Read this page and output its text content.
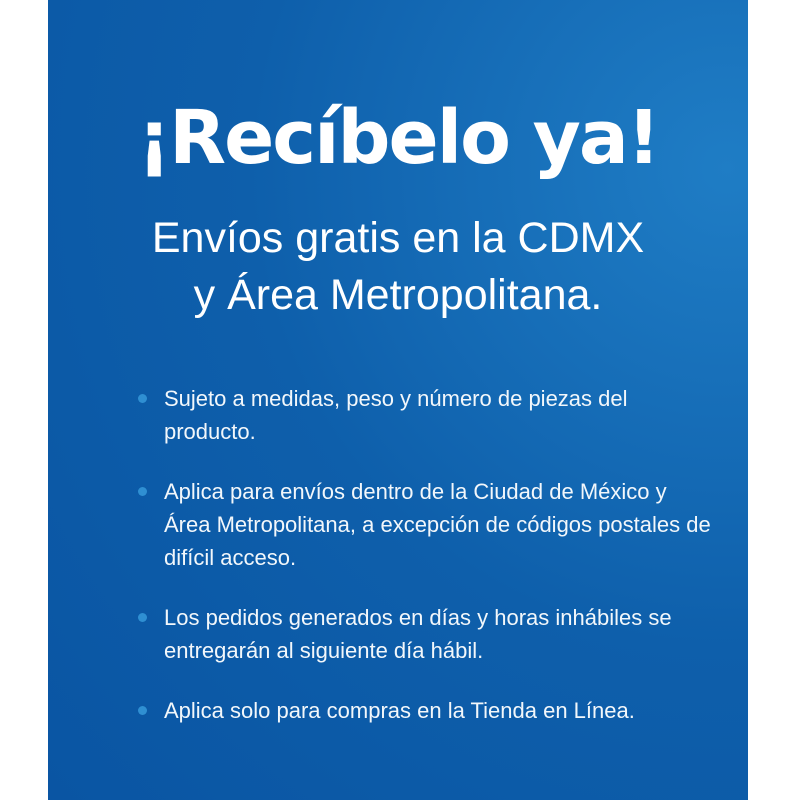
¡Recíbelo ya!
Envíos gratis en la CDMX
y Área Metropolitana.
Sujeto a medidas, peso y número de piezas del producto.
Aplica para envíos dentro de la Ciudad de México y Área Metropolitana, a excepción de códigos postales de difícil acceso.
Los pedidos generados en días y horas inhábiles se entregarán al siguiente día hábil.
Aplica solo para compras en la Tienda en Línea.
